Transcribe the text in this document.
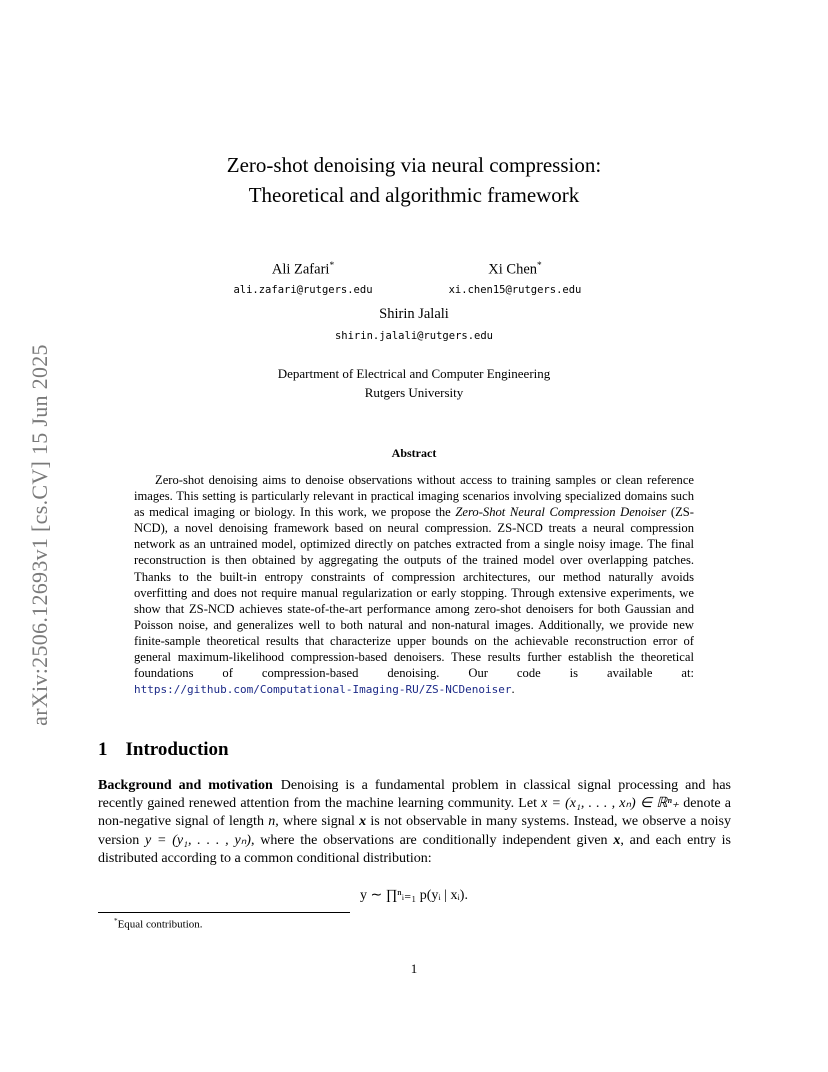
arXiv:2506.12693v1 [cs.CV] 15 Jun 2025
Zero-shot denoising via neural compression:
Theoretical and algorithmic framework
Ali Zafari*
ali.zafari@rutgers.edu
Xi Chen*
xi.chen15@rutgers.edu
Shirin Jalali
shirin.jalali@rutgers.edu
Department of Electrical and Computer Engineering
Rutgers University
Abstract

Zero-shot denoising aims to denoise observations without access to training samples or clean reference images. This setting is particularly relevant in practical imaging scenarios involving specialized domains such as medical imaging or biology. In this work, we propose the Zero-Shot Neural Compression Denoiser (ZS-NCD), a novel denoising framework based on neural compression. ZS-NCD treats a neural compression network as an untrained model, optimized directly on patches extracted from a single noisy image. The final reconstruction is then obtained by aggregating the outputs of the trained model over overlapping patches. Thanks to the built-in entropy constraints of compression architectures, our method naturally avoids overfitting and does not require manual regularization or early stopping. Through extensive experiments, we show that ZS-NCD achieves state-of-the-art performance among zero-shot denoisers for both Gaussian and Poisson noise, and generalizes well to both natural and non-natural images. Additionally, we provide new finite-sample theoretical results that characterize upper bounds on the achievable reconstruction error of general maximum-likelihood compression-based denoisers. These results further establish the theoretical foundations of compression-based denoising. Our code is available at: https://github.com/Computational-Imaging-RU/ZS-NCDenoiser.

1 Introduction

Background and motivation Denoising is a fundamental problem in classical signal processing and has recently gained renewed attention from the machine learning community. Let x = (x₁, . . . , xₙ) ∈ ℝⁿ₊ denote a non-negative signal of length n, where signal x is not observable in many systems. Instead, we observe a noisy version y = (y₁, . . . , yₙ), where the observations are conditionally independent given x, and each entry is distributed according to a common conditional distribution:

y ∼ ∏ⁿᵢ₌₁ p(yᵢ | xᵢ).
*Equal contribution.
1
